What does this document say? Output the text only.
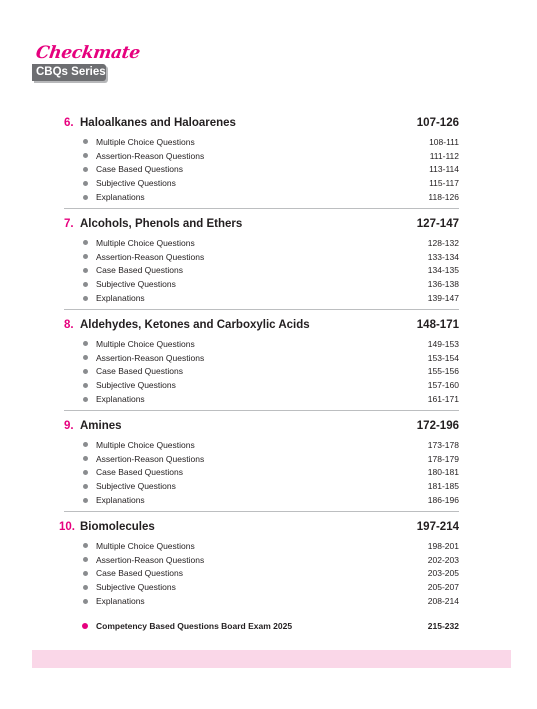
Checkmate
CBQs Series
6. Haloalkanes and Haloarenes	107-126
Multiple Choice Questions	108-111
Assertion-Reason Questions	111-112
Case Based Questions	113-114
Subjective Questions	115-117
Explanations	118-126
7. Alcohols, Phenols and Ethers	127-147
Multiple Choice Questions	128-132
Assertion-Reason Questions	133-134
Case Based Questions	134-135
Subjective Questions	136-138
Explanations	139-147
8. Aldehydes, Ketones and Carboxylic Acids	148-171
Multiple Choice Questions	149-153
Assertion-Reason Questions	153-154
Case Based Questions	155-156
Subjective Questions	157-160
Explanations	161-171
9. Amines	172-196
Multiple Choice Questions	173-178
Assertion-Reason Questions	178-179
Case Based Questions	180-181
Subjective Questions	181-185
Explanations	186-196
10. Biomolecules	197-214
Multiple Choice Questions	198-201
Assertion-Reason Questions	202-203
Case Based Questions	203-205
Subjective Questions	205-207
Explanations	208-214
Competency Based Questions Board Exam 2025	215-232
